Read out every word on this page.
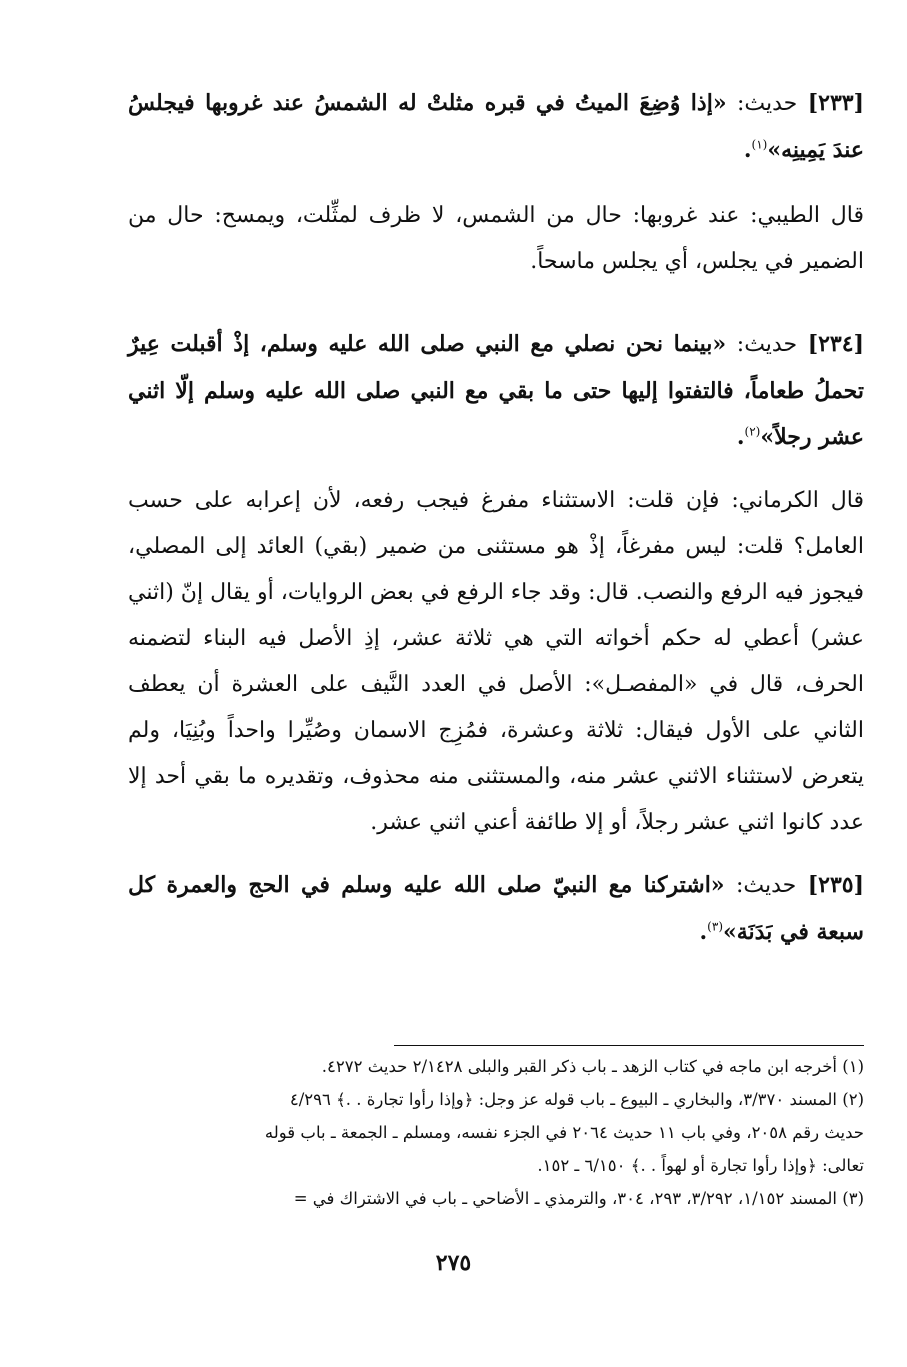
[٢٣٣] حديث: «إذا وُضِعَ الميتُ في قبره مثلتْ له الشمسُ عند غروبها فيجلسُ عندَ يَمِينِه»$^{(١)}$.

قال الطيبي: عند غروبها: حال من الشمس، لا ظرف لمثِّلت، ويمسح: حال من الضمير في يجلس، أي يجلس ماسحاً.

[٢٣٤] حديث: «بينما نحن نصلي مع النبي صلى الله عليه وسلم، إذْ أقبلت عِيرٌ تحملُ طعاماً، فالتفتوا إليها حتى ما بقي مع النبي صلى الله عليه وسلم إلّا اثني عشر رجلاً»$^{(٢)}$.

قال الكرماني: فإن قلت: الاستثناء مفرغ فيجب رفعه، لأن إعرابه على حسب العامل؟ قلت: ليس مفرغاً، إذْ هو مستثنى من ضمير (بقي) العائد إلى المصلي، فيجوز فيه الرفع والنصب. قال: وقد جاء الرفع في بعض الروايات، أو يقال إنّ (اثني عشر) أعطي له حكم أخواته التي هي ثلاثة عشر، إذِ الأصل فيه البناء لتضمنه الحرف، قال في «المفصـل»: الأصل في العدد النَّيف على العشرة أن يعطف الثاني على الأول فيقال: ثلاثة وعشرة، فمُزِج الاسمان وصُيِّرا واحداً وبُنِيَا، ولم يتعرض لاستثناء الاثني عشر منه، والمستثنى منه محذوف، وتقديره ما بقي أحد إلا عدد كانوا اثني عشر رجلاً، أو إلا طائفة أعني اثني عشر.

[٢٣٥] حديث: «اشتركنا مع النبيّ صلى الله عليه وسلم في الحج والعمرة كل سبعة في بَدَنَة»$^{(٣)}$.

(١) أخرجه ابن ماجه في كتاب الزهد ـ باب ذكر القبر والبلى ٢/١٤٢٨ حديث ٤٢٧٢.

(٢) المسند ٣/٣٧٠، والبخاري ـ البيوع ـ باب قوله عز وجل: ﴿وإذا رأوا تجارة . .﴾ ٤/٢٩٦

حديث رقم ٢٠٥٨، وفي باب ١١ حديث ٢٠٦٤ في الجزء نفسه، ومسلم ـ الجمعة ـ باب قوله

تعالى: ﴿وإذا رأوا تجارة أو لهواً . .﴾ ٦/١٥٠ ـ ١٥٢.

(٣) المسند ١/١٥٢، ٣/٢٩٢، ٢٩٣، ٣٠٤، والترمذي ـ الأضاحي ـ باب في الاشتراك في =

٢٧٥
